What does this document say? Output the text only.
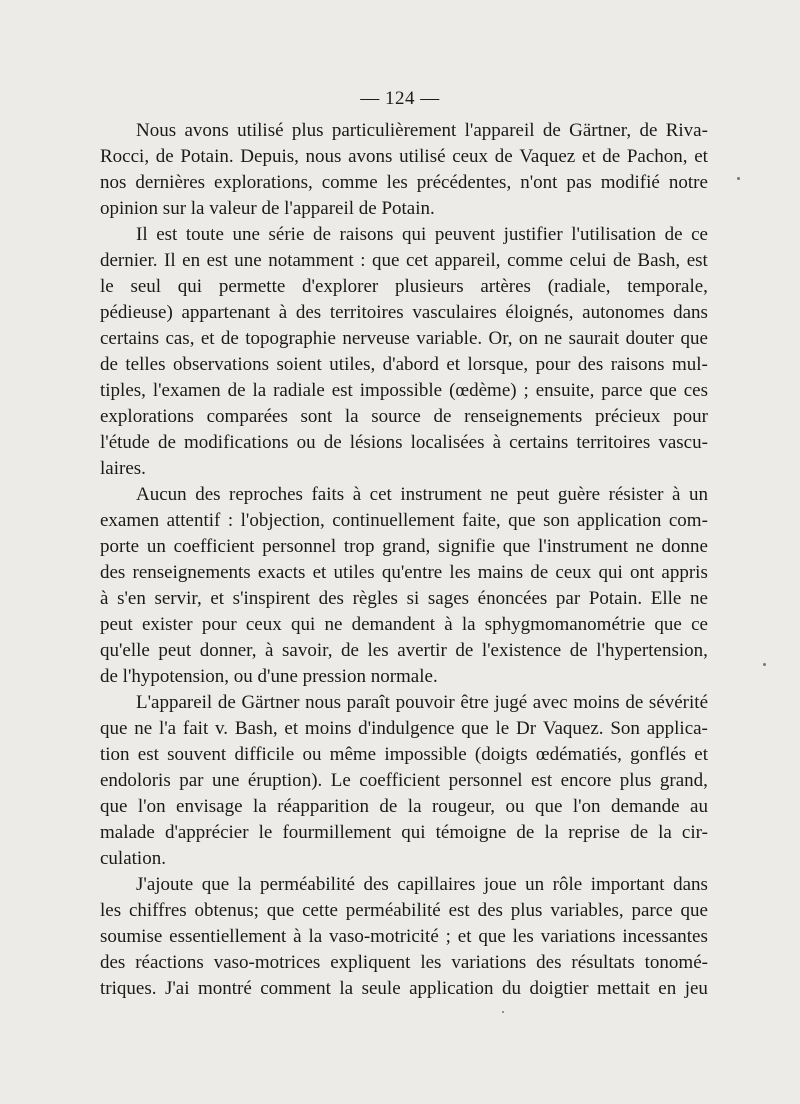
— 124 —
Nous avons utilisé plus particulièrement l'appareil de Gärtner, de Riva-
Rocci, de Potain. Depuis, nous avons utilisé ceux de Vaquez et de Pachon, et
nos dernières explorations, comme les précédentes, n'ont pas modifié notre
opinion sur la valeur de l'appareil de Potain.
Il est toute une série de raisons qui peuvent justifier l'utilisation de ce
dernier. Il en est une notamment : que cet appareil, comme celui de Bash, est
le seul qui permette d'explorer plusieurs artères (radiale, temporale,
pédieuse) appartenant à des territoires vasculaires éloignés, autonomes dans
certains cas, et de topographie nerveuse variable. Or, on ne saurait douter que
de telles observations soient utiles, d'abord et lorsque, pour des raisons mul-
tiples, l'examen de la radiale est impossible (œdème) ; ensuite, parce que ces
explorations comparées sont la source de renseignements précieux pour
l'étude de modifications ou de lésions localisées à certains territoires vascu-
laires.
Aucun des reproches faits à cet instrument ne peut guère résister à un
examen attentif : l'objection, continuellement faite, que son application com-
porte un coefficient personnel trop grand, signifie que l'instrument ne donne
des renseignements exacts et utiles qu'entre les mains de ceux qui ont appris
à s'en servir, et s'inspirent des règles si sages énoncées par Potain. Elle ne
peut exister pour ceux qui ne demandent à la sphygmomanométrie que ce
qu'elle peut donner, à savoir, de les avertir de l'existence de l'hypertension,
de l'hypotension, ou d'une pression normale.
L'appareil de Gärtner nous paraît pouvoir être jugé avec moins de sévérité
que ne l'a fait v. Bash, et moins d'indulgence que le Dr Vaquez. Son applica-
tion est souvent difficile ou même impossible (doigts œdématiés, gonflés et
endoloris par une éruption). Le coefficient personnel est encore plus grand,
que l'on envisage la réapparition de la rougeur, ou que l'on demande au
malade d'apprécier le fourmillement qui témoigne de la reprise de la cir-
culation.
J'ajoute que la perméabilité des capillaires joue un rôle important dans
les chiffres obtenus; que cette perméabilité est des plus variables, parce que
soumise essentiellement à la vaso-motricité ; et que les variations incessantes
des réactions vaso-motrices expliquent les variations des résultats tonomé-
triques. J'ai montré comment la seule application du doigtier mettait en jeu
